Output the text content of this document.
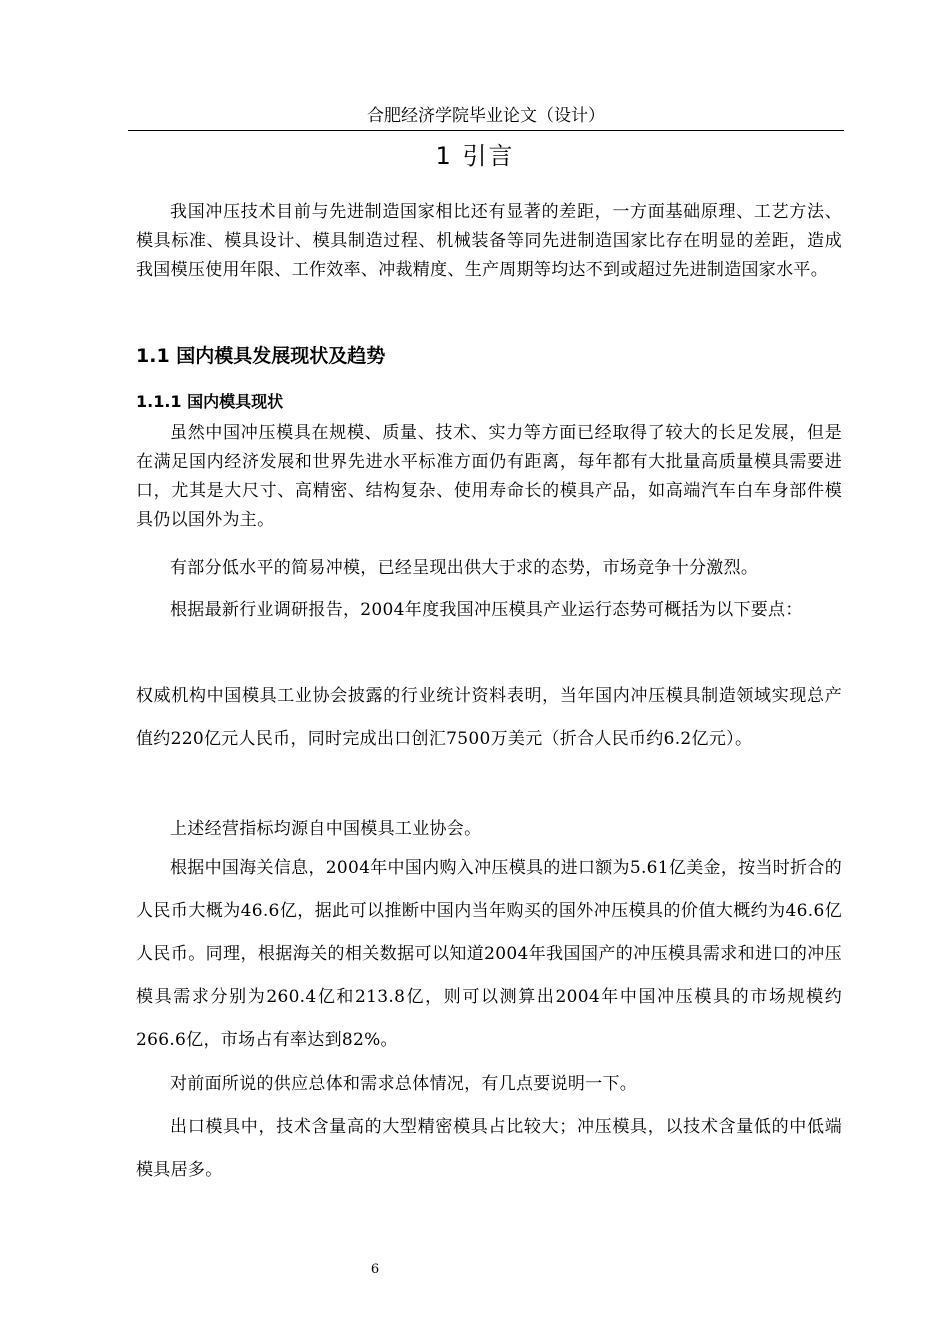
合肥经济学院毕业论文（设计）
1 引言

我国冲压技术目前与先进制造国家相比还有显著的差距，一方面基础原理、工艺方法、模具标准、模具设计、模具制造过程、机械装备等同先进制造国家比存在明显的差距，造成我国模压使用年限、工作效率、冲裁精度、生产周期等均达不到或超过先进制造国家水平。

1.1 国内模具发展现状及趋势
1.1.1 国内模具现状

虽然中国冲压模具在规模、质量、技术、实力等方面已经取得了较大的长足发展，但是在满足国内经济发展和世界先进水平标准方面仍有距离，每年都有大批量高质量模具需要进口，尤其是大尺寸、高精密、结构复杂、使用寿命长的模具产品，如高端汽车白车身部件模具仍以国外为主。

有部分低水平的简易冲模，已经呈现出供大于求的态势，市场竞争十分激烈。

根据最新行业调研报告，2004年度我国冲压模具产业运行态势可概括为以下要点：

权威机构中国模具工业协会披露的行业统计资料表明，当年国内冲压模具制造领域实现总产值约220亿元人民币，同时完成出口创汇7500万美元（折合人民币约6.2亿元）。

上述经营指标均源自中国模具工业协会。

根据中国海关信息，2004年中国内购入冲压模具的进口额为5.61亿美金，按当时折合的人民币大概为46.6亿，据此可以推断中国内当年购买的国外冲压模具的价值大概约为46.6亿人民币。同理，根据海关的相关数据可以知道2004年我国国产的冲压模具需求和进口的冲压模具需求分别为260.4亿和213.8亿，则可以测算出2004年中国冲压模具的市场规模约266.6亿，市场占有率达到82%。

对前面所说的供应总体和需求总体情况，有几点要说明一下。

出口模具中，技术含量高的大型精密模具占比较大；冲压模具，以技术含量低的中低端模具居多。

6
